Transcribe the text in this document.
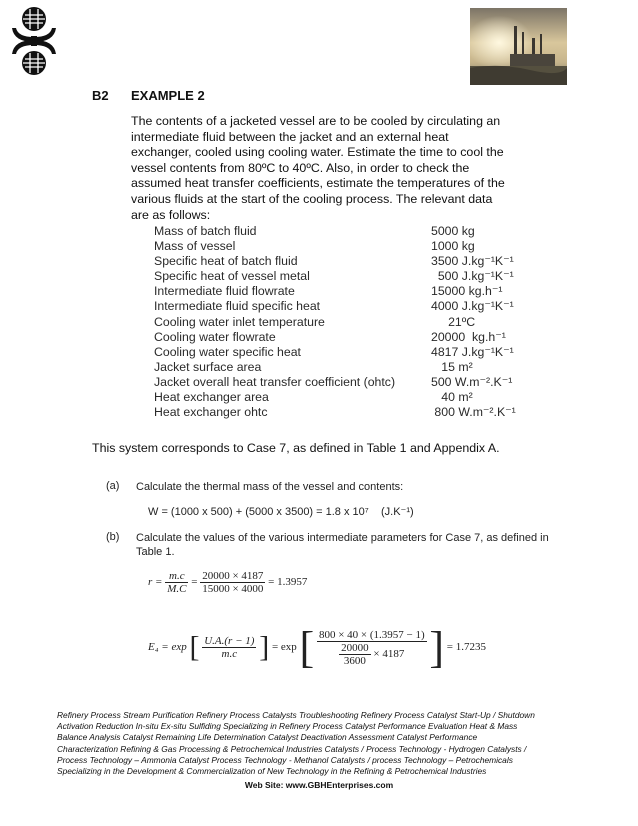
B2 EXAMPLE 2

The contents of a jacketed vessel are to be cooled by circulating an intermediate fluid between the jacket and an external heat exchanger, cooled using cooling water. Estimate the time to cool the vessel contents from 80ºC to 40ºC. Also, in order to check the assumed heat transfer coefficients, estimate the temperatures of the various fluids at the start of the cooling process. The relevant data are as follows:

Mass of batch fluid	5000 kg
Mass of vessel	1000 kg
Specific heat of batch fluid	3500 J.kg⁻¹K⁻¹
Specific heat of vessel metal	500 J.kg⁻¹K⁻¹
Intermediate fluid flowrate	15000 kg.h⁻¹
Intermediate fluid specific heat	4000 J.kg⁻¹K⁻¹
Cooling water inlet temperature	21ºC
Cooling water flowrate	20000  kg.h⁻¹
Cooling water specific heat	4817 J.kg⁻¹K⁻¹
Jacket surface area	15 m²
Jacket overall heat transfer coefficient (ohtc)	500 W.m⁻².K⁻¹
Heat exchanger area	40 m²
Heat exchanger ohtc	800 W.m⁻².K⁻¹
This system corresponds to Case 7, as defined in Table 1 and Appendix A.
(a) Calculate the thermal mass of the vessel and contents:
W = (1000 x 500) + (5000 x 3500) = 1.8 x 10⁷    (J.K⁻¹)
(b) Calculate the values of the various intermediate parameters for Case 7, as defined in Table 1.
$r = \frac{m.c}{M.C} = \frac{20000 \times 4187}{15000 \times 4000} = 1.3957$
E₄ = exp [ $\frac{U.A.(r - 1)}{m.c}$ ] = exp [ $\frac{800 \times 40 \times (1.3957 - 1)}{\frac{20000}{3600} \times 4187}$ ] = 1.7235

Refinery Process Stream Purification Refinery Process Catalysts Troubleshooting Refinery Process Catalyst Start-Up / Shutdown

Activation Reduction In-situ Ex-situ Sulfiding Specializing in Refinery Process Catalyst Performance Evaluation Heat & Mass

Balance Analysis Catalyst Remaining Life Determination Catalyst Deactivation Assessment Catalyst Performance

Characterization Refining & Gas Processing & Petrochemical Industries Catalysts / Process Technology - Hydrogen Catalysts /

Process Technology – Ammonia Catalyst Process Technology - Methanol Catalysts / process Technology – Petrochemicals

Specializing in the Development & Commercialization of New Technology in the Refining & Petrochemical Industries

Web Site: www.GBHEnterprises.com
